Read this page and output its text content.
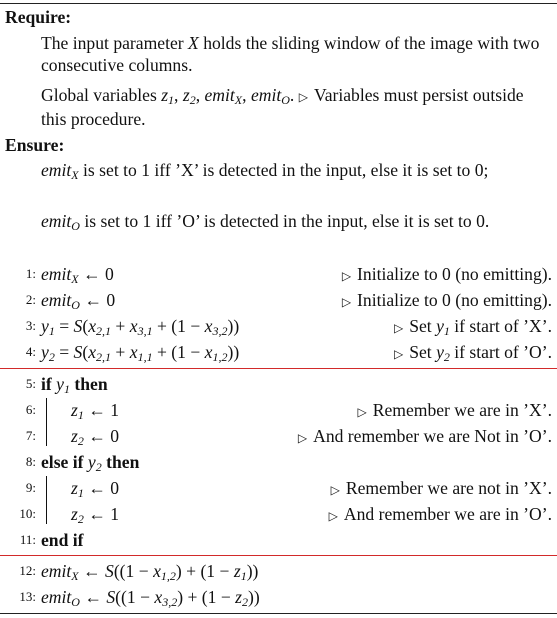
Require:
The input parameter X holds the sliding window of the image with two consecutive columns.
Global variables $z_1$, $z_2$, emit$_X$, emit$_O$. ▷ Variables must persist outside this procedure.
Ensure:
emit$_X$ is set to 1 iff ’X’ is detected in the input, else it is set to 0;
emit$_O$ is set to 1 iff ’O’ is detected in the input, else it is set to 0.
1: emit$_X$ ← 0	▷ Initialize to 0 (no emitting).
2: emit$_O$ ← 0	▷ Initialize to 0 (no emitting).
3: $y_1 = S(x_{2,1} + x_{3,1} + (1 - x_{3,2}))$	▷ Set $y_1$ if start of ’X’.
4: $y_2 = S(x_{2,1} + x_{1,1} + (1 - x_{1,2}))$	▷ Set $y_2$ if start of ’O’.
5: if $y_1$ then
6: $z_1$ ← 1	▷ Remember we are in ’X’.
7: $z_2$ ← 0	▷ And remember we are Not in ’O’.
8: else if $y_2$ then
9: $z_1$ ← 0	▷ Remember we are not in ’X’.
10: $z_2$ ← 1	▷ And remember we are in ’O’.
11: end if
12: emit$_X$ ← $S((1 - x_{1,2}) + (1 - z_1))$
13: emit$_O$ ← $S((1 - x_{3,2}) + (1 - z_2))$
